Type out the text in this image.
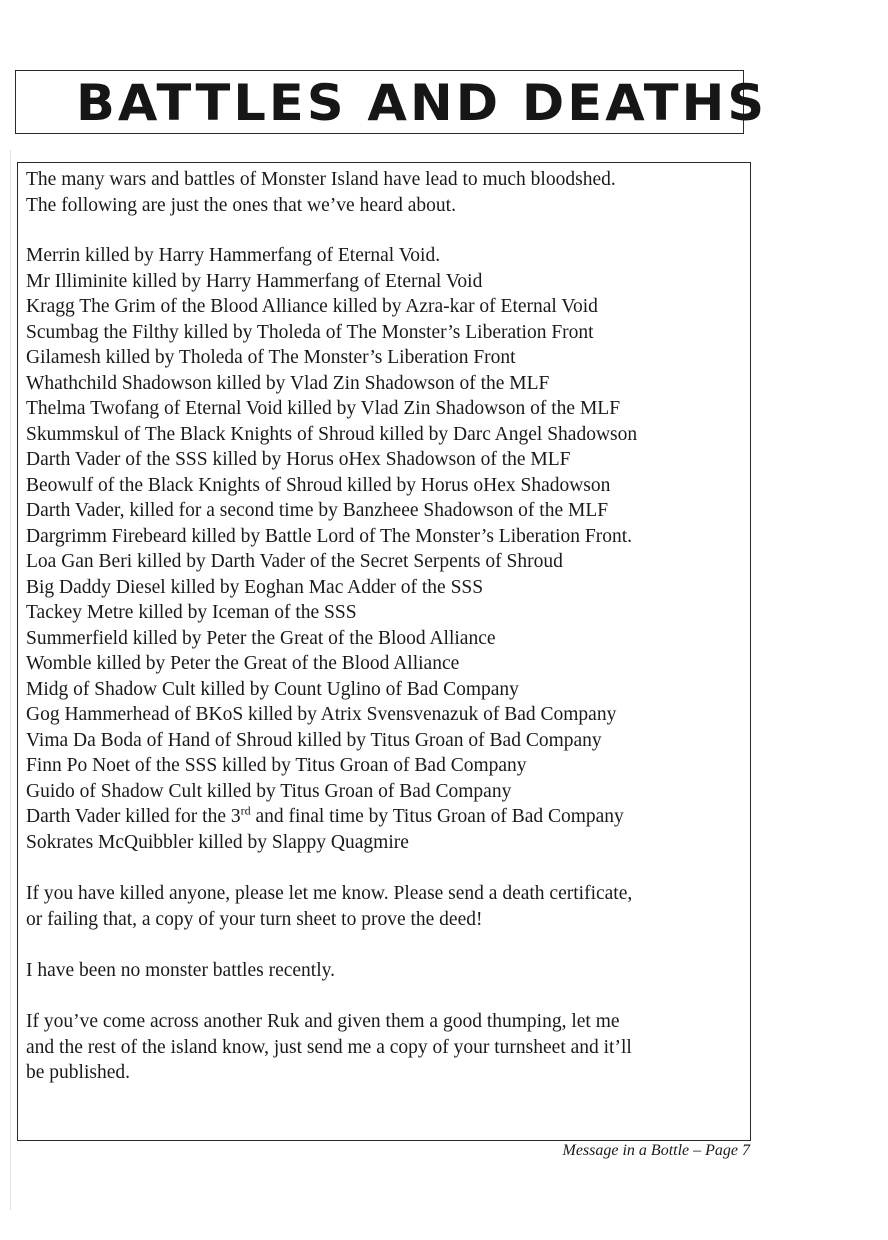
BATTLES AND DEATHS

The many wars and battles of Monster Island have lead to much bloodshed.
The following are just the ones that we’ve heard about.

Merrin killed by Harry Hammerfang of Eternal Void.
Mr Illiminite killed by Harry Hammerfang of Eternal Void
Kragg The Grim of the Blood Alliance killed by Azra-kar of Eternal Void
Scumbag the Filthy killed by Tholeda of The Monster’s Liberation Front
Gilamesh killed by Tholeda of The Monster’s Liberation Front
Whathchild Shadowson killed by Vlad Zin Shadowson of the MLF
Thelma Twofang of Eternal Void killed by Vlad Zin Shadowson of the MLF
Skummskul of The Black Knights of Shroud killed by Darc Angel Shadowson
Darth Vader of the SSS killed by Horus oHex Shadowson of the MLF
Beowulf of the Black Knights of Shroud killed by Horus oHex Shadowson
Darth Vader, killed for a second time by Banzheee Shadowson of the MLF
Dargrimm Firebeard killed by Battle Lord of The Monster’s Liberation Front.
Loa Gan Beri killed by Darth Vader of the Secret Serpents of Shroud
Big Daddy Diesel killed by Eoghan Mac Adder of the SSS
Tackey Metre killed by Iceman of the SSS
Summerfield killed by Peter the Great of the Blood Alliance
Womble killed by Peter the Great of the Blood Alliance
Midg of Shadow Cult killed by Count Uglino of Bad Company
Gog Hammerhead of BKoS killed by Atrix Svensvenazuk of Bad Company
Vima Da Boda of Hand of Shroud killed by Titus Groan of Bad Company
Finn Po Noet of the SSS killed by Titus Groan of Bad Company
Guido of Shadow Cult killed by Titus Groan of Bad Company
Darth Vader killed for the 3rd and final time by Titus Groan of Bad Company
Sokrates McQuibbler killed by Slappy Quagmire

If you have killed anyone, please let me know. Please send a death certificate,
or failing that, a copy of your turn sheet to prove the deed!

I have been no monster battles recently.

If you’ve come across another Ruk and given them a good thumping, let me
and the rest of the island know, just send me a copy of your turnsheet and it’ll
be published.

Message in a Bottle – Page 7
